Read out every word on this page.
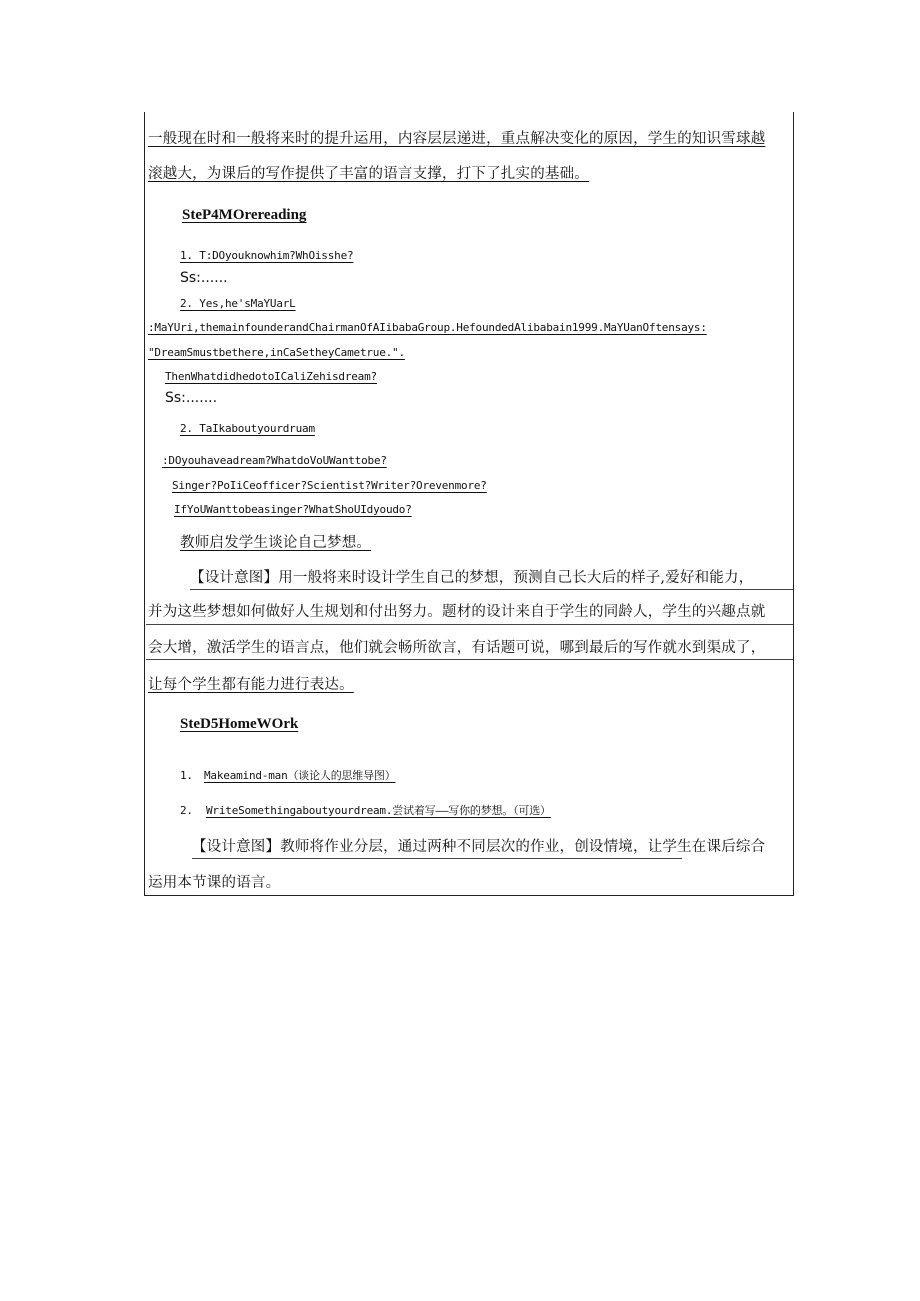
一般现在时和一般将来时的提升运用，内容层层递进，重点解决变化的原因，学生的知识雪球越
滚越大，为课后的写作提供了丰富的语言支撑，打下了扎实的基础。
SteP4MOrereading
1. T:DOyouknowhim?WhOisshe?
Ss:......
2. Yes,he'sMaYUarL
:MaYUri,themainfounderandChairmanOfAIibabaGroup.HefoundedAlibabain1999.MaYUanOftensays:
"DreamSmustbethere,inCaSetheyCametrue.".
ThenWhatdidhedotoICaliZehisdream?
Ss:.......
2. TaIkaboutyourdruam
:DOyouhaveadream?WhatdoVoUWanttobe?
Singer?PoIiCeofficer?Scientist?Writer?Orevenmore?
IfYoUWanttobeasinger?WhatShoUIdyoudo?
教师启发学生谈论自己梦想。
【设计意图】用一般将来时设计学生自己的梦想，预测自己长大后的样子,爱好和能力，
并为这些梦想如何做好人生规划和付出努力。题材的设计来自于学生的同龄人，学生的兴趣点就
会大增，激活学生的语言点，他们就会畅所欲言，有话题可说，哪到最后的写作就水到渠成了，
让每个学生都有能力进行表达。
SteD5HomeWOrk
1. Makeamind-man（谈论人的思维导图）
2. WriteSomethingaboutyourdream.尝试着写——写你的梦想。（可选）
【设计意图】教师将作业分层，通过两种不同层次的作业，创设情境，让学生在课后综合
运用本节课的语言。
